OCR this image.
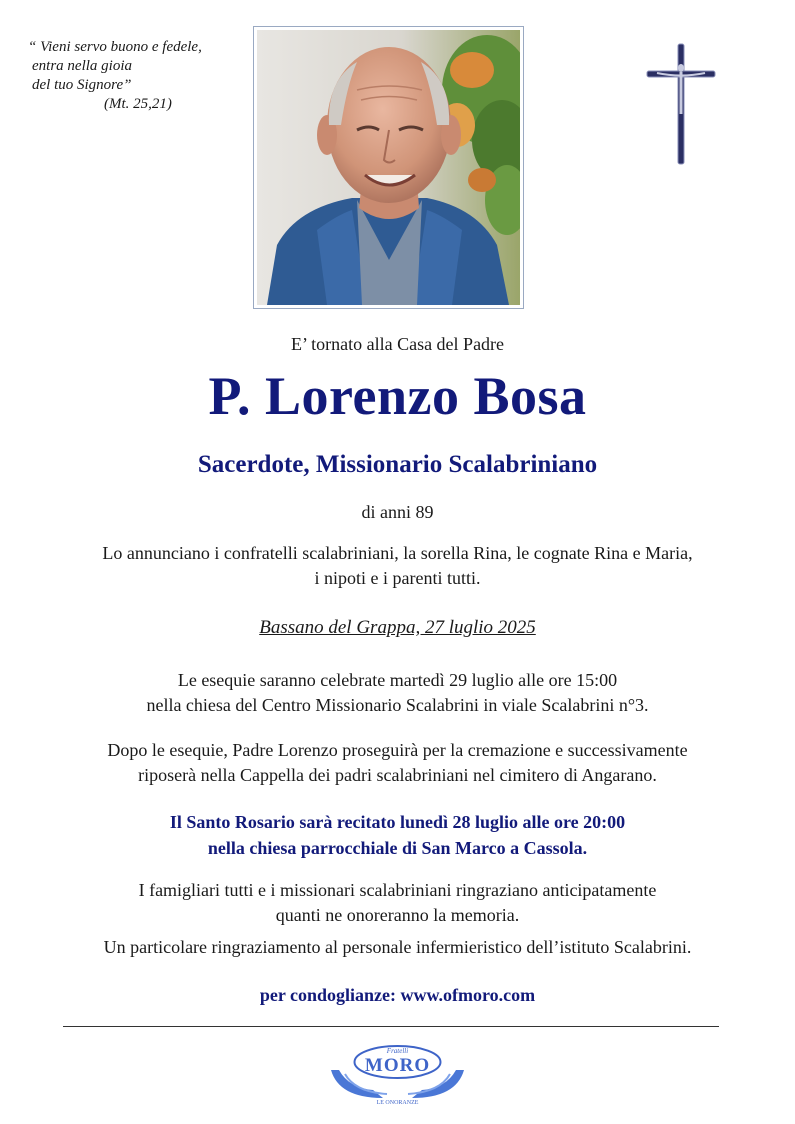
“ Vieni servo buono e fedele,
entra nella gioia
del tuo Signore”
(Mt. 25,21)
E’ tornato alla Casa del Padre
P. Lorenzo Bosa
Sacerdote, Missionario Scalabriniano
di anni 89
Lo annunciano i confratelli scalabriniani, la sorella Rina, le cognate Rina e Maria,
i nipoti e i parenti tutti.
Bassano del Grappa, 27 luglio 2025
Le esequie saranno celebrate martedì 29 luglio alle ore 15:00
nella chiesa del Centro Missionario Scalabrini in viale Scalabrini n°3.
Dopo le esequie, Padre Lorenzo proseguirà per la cremazione e successivamente
riposerà nella Cappella dei padri scalabriniani nel cimitero di Angarano.
Il Santo Rosario sarà recitato lunedì 28 luglio alle ore 20:00
nella chiesa parrocchiale di San Marco a Cassola.
I famigliari tutti e i missionari scalabriniani ringraziano anticipatamente
quanti ne onoreranno la memoria.
Un particolare ringraziamento al personale infermieristico dell’istituto Scalabrini.
per condoglianze: www.ofmoro.com
Fratelli
MORO
LE ONORANZE
